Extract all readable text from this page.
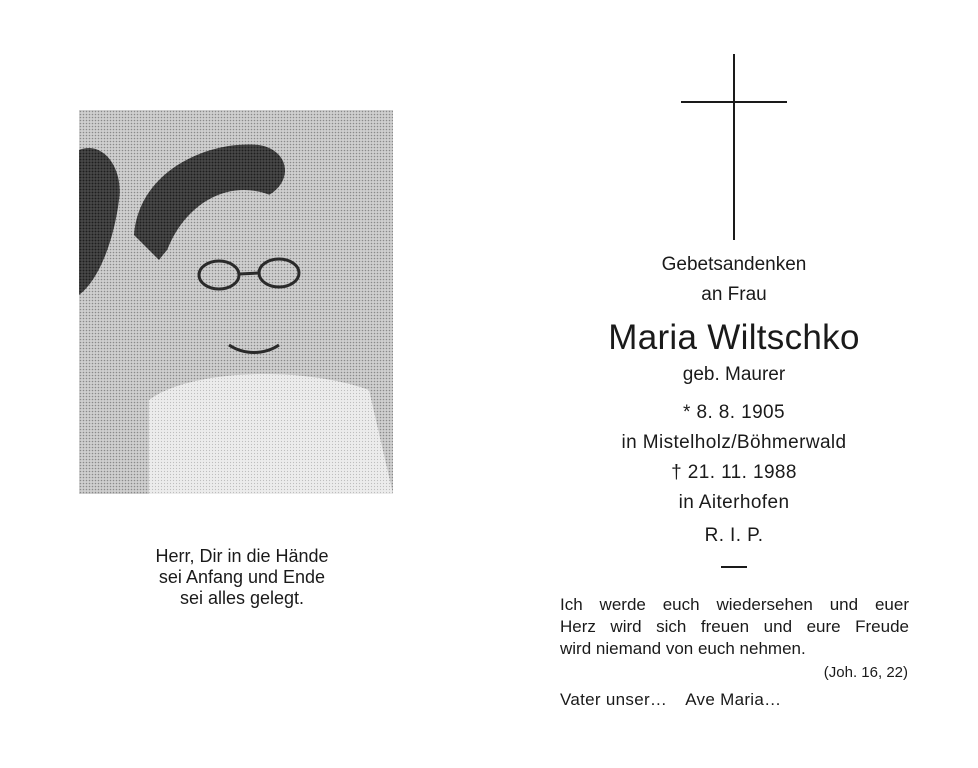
Herr, Dir in die Hände
sei Anfang und Ende
sei alles gelegt.
Gebetsandenken
an Frau
Maria Wiltschko
geb. Maurer
* 8. 8. 1905
in Mistelholz/Böhmerwald
† 21. 11. 1988
in Aiterhofen
R. I. P.
Ich werde euch wiedersehen und euer
Herz wird sich freuen und eure Freude
wird niemand von euch nehmen.
(Joh. 16, 22)
Vater unser… Ave Maria…
